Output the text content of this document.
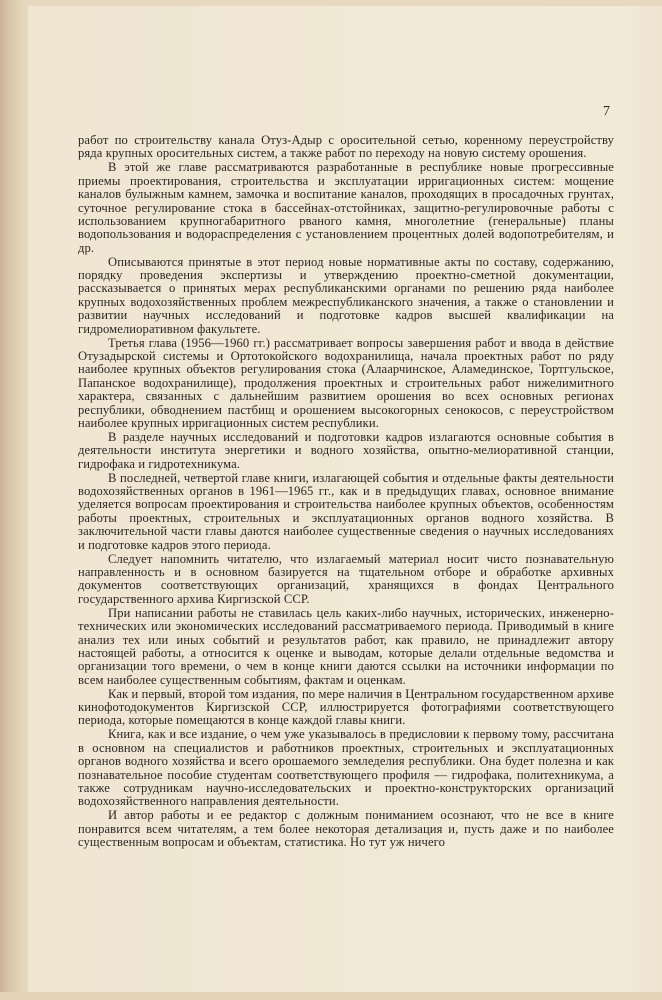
7

работ по строительству канала Отуз-Адыр с оросительной сетью, коренному переустройству ряда крупных оросительных систем, а также работ по переходу на новую систему орошения.

В этой же главе рассматриваются разработанные в республике новые прогрессивные приемы проектирования, строительства и эксплуатации ирригационных систем: мощение каналов булыжным камнем, замочка и воспитание каналов, проходящих в просадочных грунтах, суточное регулирование стока в бассейнах-отстойниках, защитно-регулировочные работы с использованием крупногабаритного рваного камня, многолетние (генеральные) планы водопользования и водораспределения с установлением процентных долей водопотребителям, и др.

Описываются принятые в этот период новые нормативные акты по составу, содержанию, порядку проведения экспертизы и утверждению проектно-сметной документации, рассказывается о принятых мерах республиканскими органами по решению ряда наиболее крупных водохозяйственных проблем межреспубликанского значения, а также о становлении и развитии научных исследований и подготовке кадров высшей квалификации на гидромелиоративном факультете.

Третья глава (1956—1960 гг.) рассматривает вопросы завершения работ и ввода в действие Отузадырской системы и Ортотокойского водохранилища, начала проектных работ по ряду наиболее крупных объектов регулирования стока (Алаарчинское, Аламединское, Тортгульское, Папанское водохранилище), продолжения проектных и строительных работ нижелимитного характера, связанных с дальнейшим развитием орошения во всех основных регионах республики, обводнением пастбищ и орошением высокогорных сенокосов, с переустройством наиболее крупных ирригационных систем республики.

В разделе научных исследований и подготовки кадров излагаются основные события в деятельности института энергетики и водного хозяйства, опытно-мелиоративной станции, гидрофака и гидротехникума.

В последней, четвертой главе книги, излагающей события и отдельные факты деятельности водохозяйственных органов в 1961—1965 гг., как и в предыдущих главах, основное внимание уделяется вопросам проектирования и строительства наиболее крупных объектов, особенностям работы проектных, строительных и эксплуатационных органов водного хозяйства. В заключительной части главы даются наиболее существенные сведения о научных исследованиях и подготовке кадров этого периода.

Следует напомнить читателю, что излагаемый материал носит чисто познавательную направленность и в основном базируется на тщательном отборе и обработке архивных документов соответствующих организаций, хранящихся в фондах Центрального государственного архива Киргизской ССР.

При написании работы не ставилась цель каких-либо научных, исторических, инженерно-технических или экономических исследований рассматриваемого периода. Приводимый в книге анализ тех или иных событий и результатов работ, как правило, не принадлежит автору настоящей работы, а относится к оценке и выводам, которые делали отдельные ведомства и организации того времени, о чем в конце книги даются ссылки на источники информации по всем наиболее существенным событиям, фактам и оценкам.

Как и первый, второй том издания, по мере наличия в Центральном государственном архиве кинофотодокументов Киргизской ССР, иллюстрируется фотографиями соответствующего периода, которые помещаются в конце каждой главы книги.

Книга, как и все издание, о чем уже указывалось в предисловии к первому тому, рассчитана в основном на специалистов и работников проектных, строительных и эксплуатационных органов водного хозяйства и всего орошаемого земледелия республики. Она будет полезна и как познавательное пособие студентам соответствующего профиля — гидрофака, политехникума, а также сотрудникам научно-исследовательских и проектно-конструкторских организаций водохозяйственного направления деятельности.

И автор работы и ее редактор с должным пониманием осознают, что не все в книге понравится всем читателям, а тем более некоторая детализация и, пусть даже и по наиболее существенным вопросам и объектам, статистика. Но тут уж ничего
